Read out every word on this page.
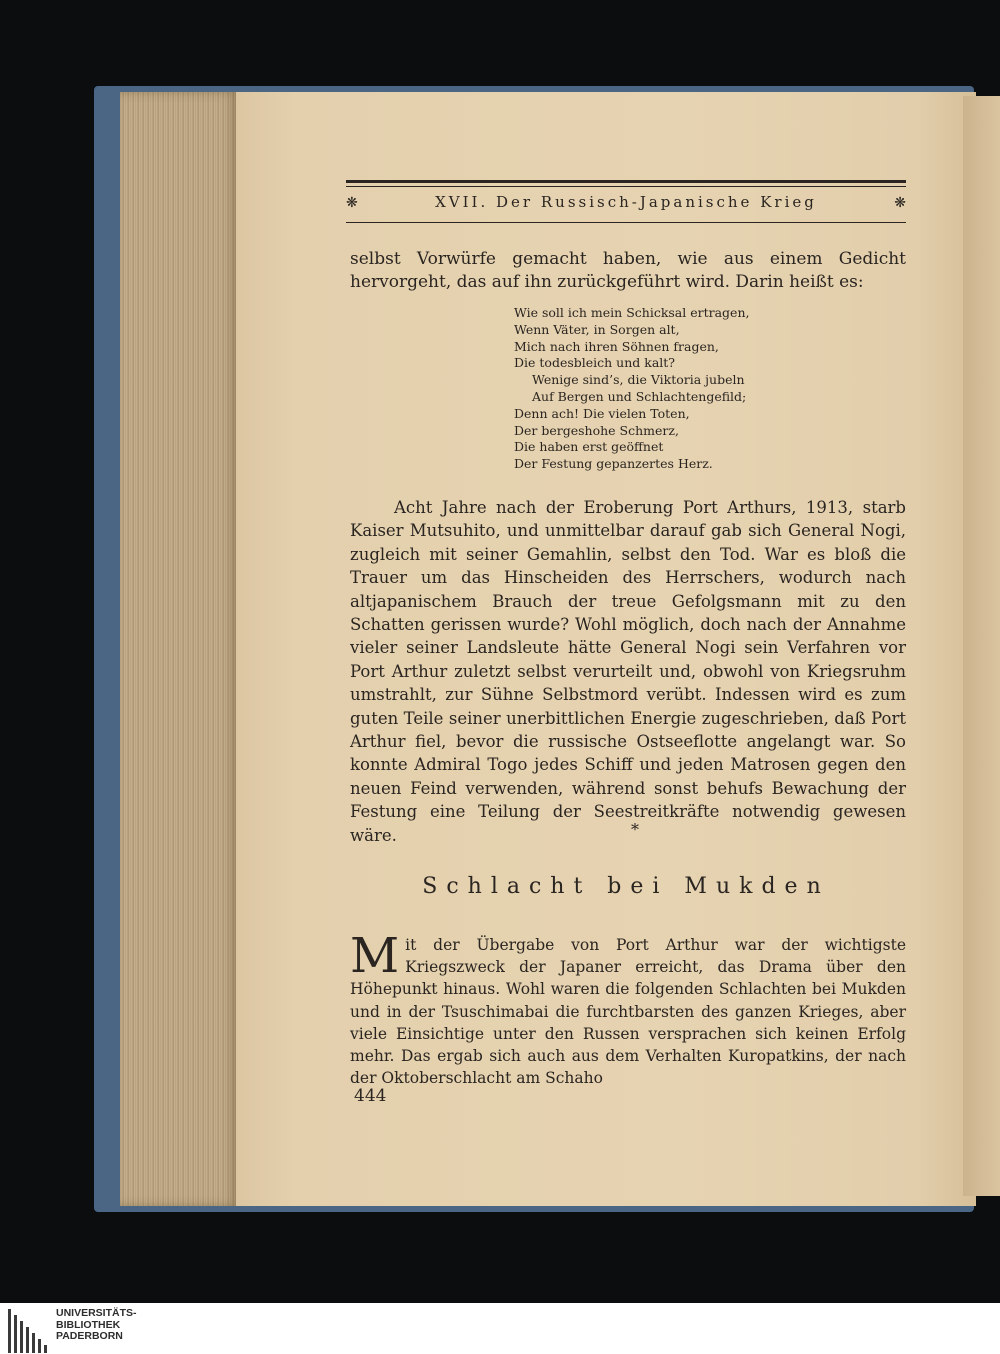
❋	XVII. Der Russisch-Japanische Krieg	❋
selbst Vorwürfe gemacht haben, wie aus einem Gedicht hervorgeht, das auf ihn zurückgeführt wird. Darin heißt es:
Wie soll ich mein Schicksal ertragen,
Wenn Väter, in Sorgen alt,
Mich nach ihren Söhnen fragen,
Die todesbleich und kalt?
Wenige sind’s, die Viktoria jubeln
Auf Bergen und Schlachtengefild;
Denn ach! Die vielen Toten,
Der bergeshohe Schmerz,
Die haben erst geöffnet
Der Festung gepanzertes Herz.
Acht Jahre nach der Eroberung Port Arthurs, 1913, starb Kaiser Mutsuhito, und unmittelbar darauf gab sich General Nogi, zugleich mit seiner Gemahlin, selbst den Tod. War es bloß die Trauer um das Hinscheiden des Herrschers, wodurch nach altjapanischem Brauch der treue Gefolgsmann mit zu den Schatten gerissen wurde? Wohl möglich, doch nach der Annahme vieler seiner Landsleute hätte General Nogi sein Verfahren vor Port Arthur zuletzt selbst verurteilt und, obwohl von Kriegsruhm umstrahlt, zur Sühne Selbstmord verübt. Indessen wird es zum guten Teile seiner unerbittlichen Energie zugeschrieben, daß Port Arthur fiel, bevor die russische Ostseeflotte angelangt war. So konnte Admiral Togo jedes Schiff und jeden Matrosen gegen den neuen Feind verwenden, während sonst behufs Bewachung der Festung eine Teilung der Seestreitkräfte notwendig gewesen wäre.	*
Schlacht bei Mukden
Mit der Übergabe von Port Arthur war der wichtigste Kriegszweck der Japaner erreicht, das Drama über den Höhepunkt hinaus. Wohl waren die folgenden Schlachten bei Mukden und in der Tsuschimabai die furchtbarsten des ganzen Krieges, aber viele Einsichtige unter den Russen versprachen sich keinen Erfolg mehr. Das ergab sich auch aus dem Verhalten Kuropatkins, der nach der Oktoberschlacht am Schaho
444
UNIVERSITÄTS-
BIBLIOTHEK
PADERBORN
